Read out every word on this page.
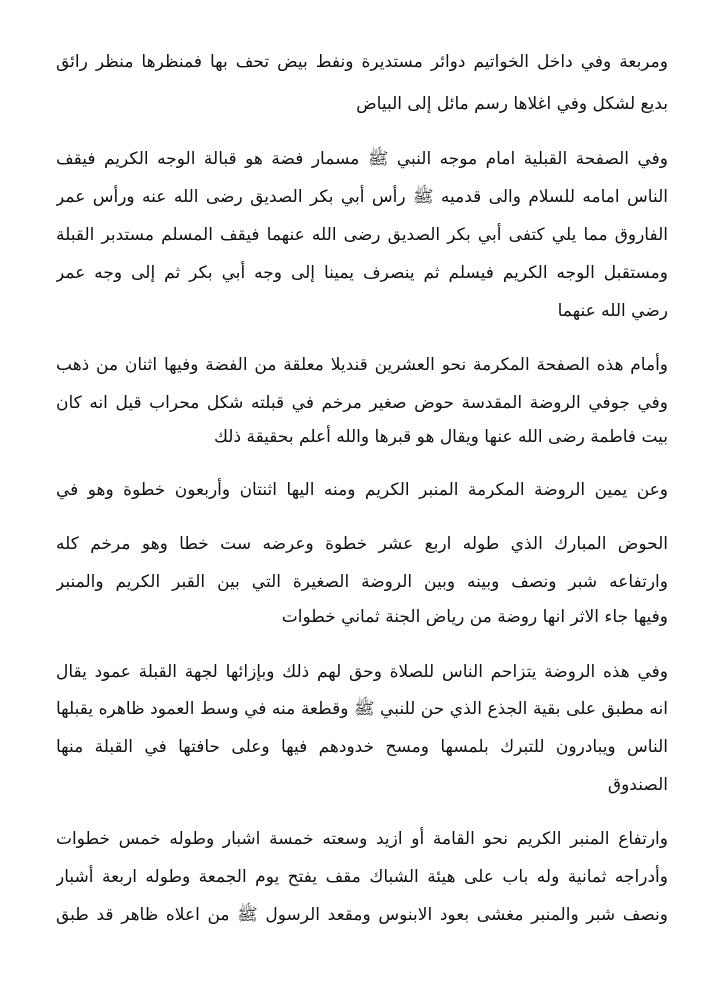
ومربعة وفي داخل الخواتيم دوائر مستديرة ونفط بيض تحف بها فمنظرها منظر رائق
بديع لشكل وفي اغلاها رسم مائل إلى البياض
وفي الصفحة القبلية امام موجه النبي ﷺ مسمار فضة هو قبالة الوجه الكريم فيقف
الناس امامه للسلام والى قدميه ﷺ رأس أبي بكر الصديق رضى الله عنه ورأس عمر
الفاروق مما يلي كتفى أبي بكر الصديق رضى الله عنهما فيقف المسلم مستدبر القبلة
ومستقبل الوجه الكريم فيسلم ثم ينصرف يمينا إلى وجه أبي بكر ثم إلى وجه عمر
رضي الله عنهما
وأمام هذه الصفحة المكرمة نحو العشرين قنديلا معلقة من الفضة وفيها اثنان من ذهب
وفي جوفي الروضة المقدسة حوض صغير مرخم في قبلته شكل محراب قيل انه كان
بيت فاطمة رضى الله عنها ويقال هو قبرها والله أعلم بحقيقة ذلك
وعن يمين الروضة المكرمة المنبر الكريم ومنه اليها اثنتان وأربعون خطوة وهو في
الحوض المبارك الذي طوله اربع عشر خطوة وعرضه ست خطا وهو مرخم كله
وارتفاعه شبر ونصف وبينه وبين الروضة الصغيرة التي بين القبر الكريم والمنبر
وفيها جاء الاثر انها روضة من رياض الجنة ثماني خطوات
وفي هذه الروضة يتزاحم الناس للصلاة وحق لهم ذلك وبإزائها لجهة القبلة عمود يقال
انه مطبق على بقية الجذع الذي حن للنبي ﷺ وقطعة منه في وسط العمود ظاهره يقبلها
الناس ويبادرون للتبرك بلمسها ومسح خدودهم فيها وعلى حافتها في القبلة منها
الصندوق
وارتفاع المنبر الكريم نحو القامة أو ازيد وسعته خمسة اشبار وطوله خمس خطوات
وأدراجه ثمانية وله باب على هيئة الشباك مقف يفتح يوم الجمعة وطوله اربعة أشبار
ونصف شبر والمنبر مغشى بعود الابنوس ومقعد الرسول ﷺ من اعلاه ظاهر قد طبق
